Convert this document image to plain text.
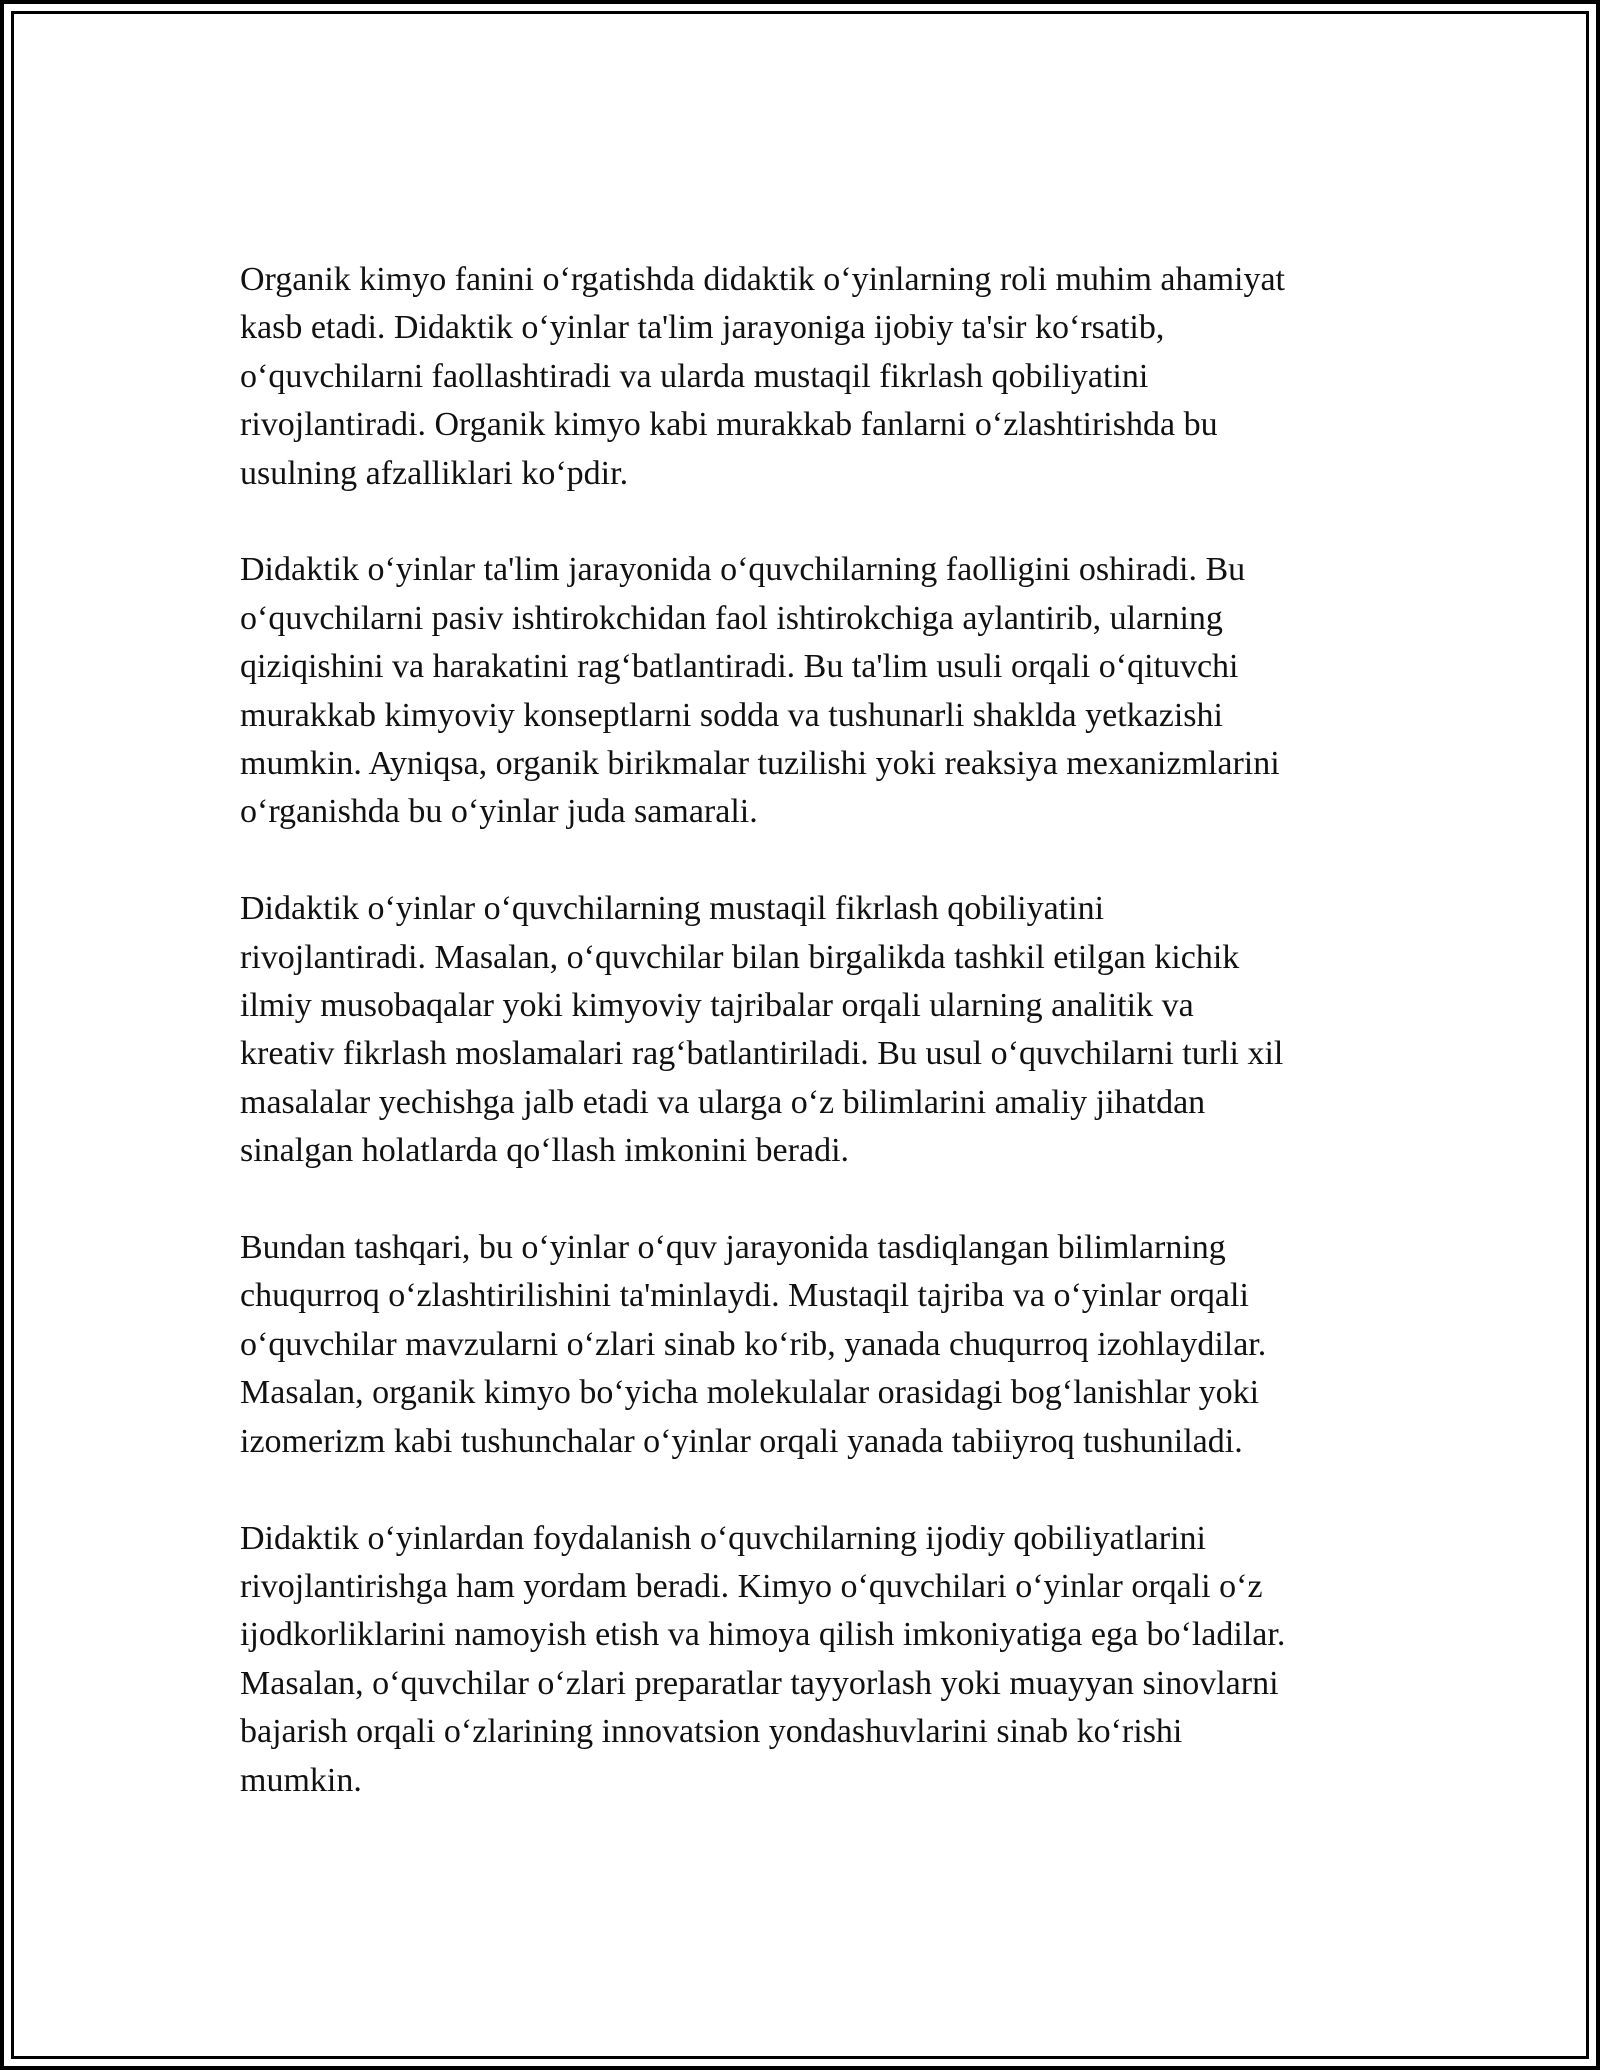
Organik kimyo fanini oʻrgatishda didaktik oʻyinlarning roli muhim ahamiyat
kasb etadi. Didaktik oʻyinlar ta'lim jarayoniga ijobiy ta'sir koʻrsatib,
oʻquvchilarni faollashtiradi va ularda mustaqil fikrlash qobiliyatini
rivojlantiradi. Organik kimyo kabi murakkab fanlarni oʻzlashtirishda bu
usulning afzalliklari koʻpdir.

Didaktik oʻyinlar ta'lim jarayonida oʻquvchilarning faolligini oshiradi. Bu
oʻquvchilarni pasiv ishtirokchidan faol ishtirokchiga aylantirib, ularning
qiziqishini va harakatini ragʻbatlantiradi. Bu ta'lim usuli orqali oʻqituvchi
murakkab kimyoviy konseptlarni sodda va tushunarli shaklda yetkazishi
mumkin. Ayniqsa, organik birikmalar tuzilishi yoki reaksiya mexanizmlarini
oʻrganishda bu oʻyinlar juda samarali.

Didaktik oʻyinlar oʻquvchilarning mustaqil fikrlash qobiliyatini
rivojlantiradi. Masalan, oʻquvchilar bilan birgalikda tashkil etilgan kichik
ilmiy musobaqalar yoki kimyoviy tajribalar orqali ularning analitik va
kreativ fikrlash moslamalari ragʻbatlantiriladi. Bu usul oʻquvchilarni turli xil
masalalar yechishga jalb etadi va ularga oʻz bilimlarini amaliy jihatdan
sinalgan holatlarda qoʻllash imkonini beradi.

Bundan tashqari, bu oʻyinlar oʻquv jarayonida tasdiqlangan bilimlarning
chuqurroq oʻzlashtirilishini ta'minlaydi. Mustaqil tajriba va oʻyinlar orqali
oʻquvchilar mavzularni oʻzlari sinab koʻrib, yanada chuqurroq izohlaydilar.
Masalan, organik kimyo boʻyicha molekulalar orasidagi bogʻlanishlar yoki
izomerizm kabi tushunchalar oʻyinlar orqali yanada tabiiyroq tushuniladi.

Didaktik oʻyinlardan foydalanish oʻquvchilarning ijodiy qobiliyatlarini
rivojlantirishga ham yordam beradi. Kimyo oʻquvchilari oʻyinlar orqali oʻz
ijodkorliklarini namoyish etish va himoya qilish imkoniyatiga ega boʻladilar.
Masalan, oʻquvchilar oʻzlari preparatlar tayyorlash yoki muayyan sinovlarni
bajarish orqali oʻzlarining innovatsion yondashuvlarini sinab koʻrishi
mumkin.
